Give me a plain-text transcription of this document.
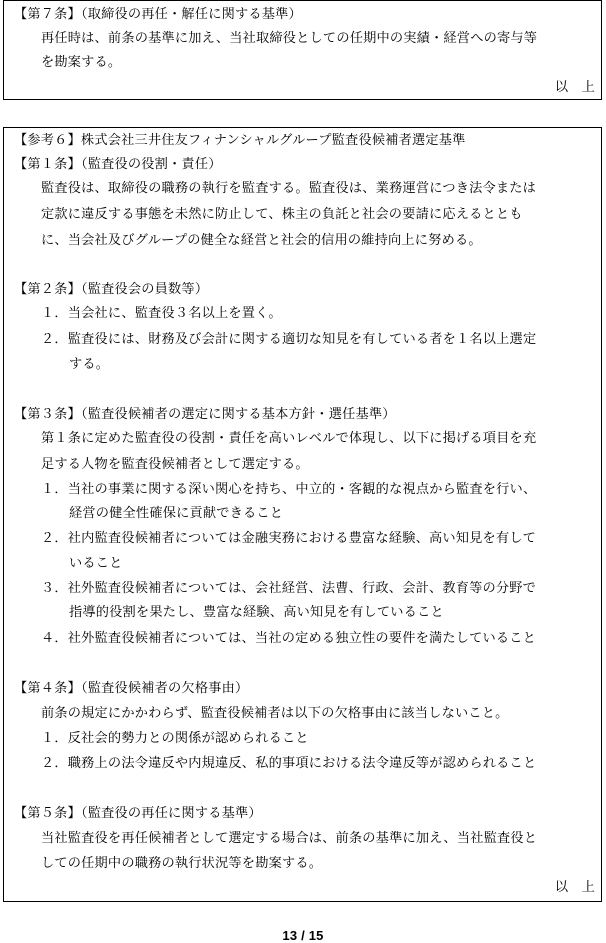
【第７条】（取締役の再任・解任に関する基準）
再任時は、前条の基準に加え、当社取締役としての任期中の実績・経営への寄与等
を勘案する。
以　上
【参考６】株式会社三井住友フィナンシャルグループ監査役候補者選定基準
【第１条】（監査役の役割・責任）
監査役は、取締役の職務の執行を監査する。監査役は、業務運営につき法令または
定款に違反する事態を未然に防止して、株主の負託と社会の要請に応えるととも
に、当会社及びグループの健全な経営と社会的信用の維持向上に努める。
【第２条】（監査役会の員数等）
１．当会社に、監査役３名以上を置く。
２．監査役には、財務及び会計に関する適切な知見を有している者を１名以上選定
する。
【第３条】（監査役候補者の選定に関する基本方針・選任基準）
第１条に定めた監査役の役割・責任を高いレベルで体現し、以下に掲げる項目を充
足する人物を監査役候補者として選定する。
１．当社の事業に関する深い関心を持ち、中立的・客観的な視点から監査を行い、
経営の健全性確保に貢献できること
２．社内監査役候補者については金融実務における豊富な経験、高い知見を有して
いること
３．社外監査役候補者については、会社経営、法曹、行政、会計、教育等の分野で
指導的役割を果たし、豊富な経験、高い知見を有していること
４．社外監査役候補者については、当社の定める独立性の要件を満たしていること
【第４条】（監査役候補者の欠格事由）
前条の規定にかかわらず、監査役候補者は以下の欠格事由に該当しないこと。
１．反社会的勢力との関係が認められること
２．職務上の法令違反や内規違反、私的事項における法令違反等が認められること
【第５条】（監査役の再任に関する基準）
当社監査役を再任候補者として選定する場合は、前条の基準に加え、当社監査役と
しての任期中の職務の執行状況等を勘案する。
以　上
13 / 15
